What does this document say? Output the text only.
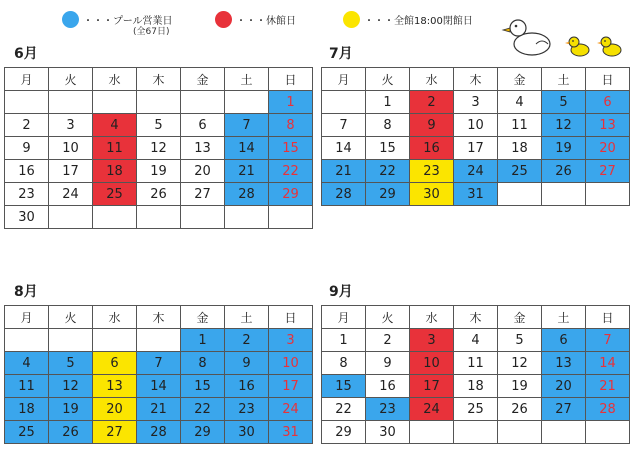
・・・プール営業日
(全67日)
・・・休館日	・・・全館18:00閉館日
6月	7月
8月	9月
月	火	水	木	金	土	日
						1
2	3	4	5	6	7	8
9	10	11	12	13	14	15
16	17	18	19	20	21	22
23	24	25	26	27	28	29
30						
月	火	水	木	金	土	日
	1	2	3	4	5	6
7	8	9	10	11	12	13
14	15	16	17	18	19	20
21	22	23	24	25	26	27
28	29	30	31			
月	火	水	木	金	土	日
				1	2	3
4	5	6	7	8	9	10
11	12	13	14	15	16	17
18	19	20	21	22	23	24
25	26	27	28	29	30	31
月	火	水	木	金	土	日
1	2	3	4	5	6	7
8	9	10	11	12	13	14
15	16	17	18	19	20	21
22	23	24	25	26	27	28
29	30					
